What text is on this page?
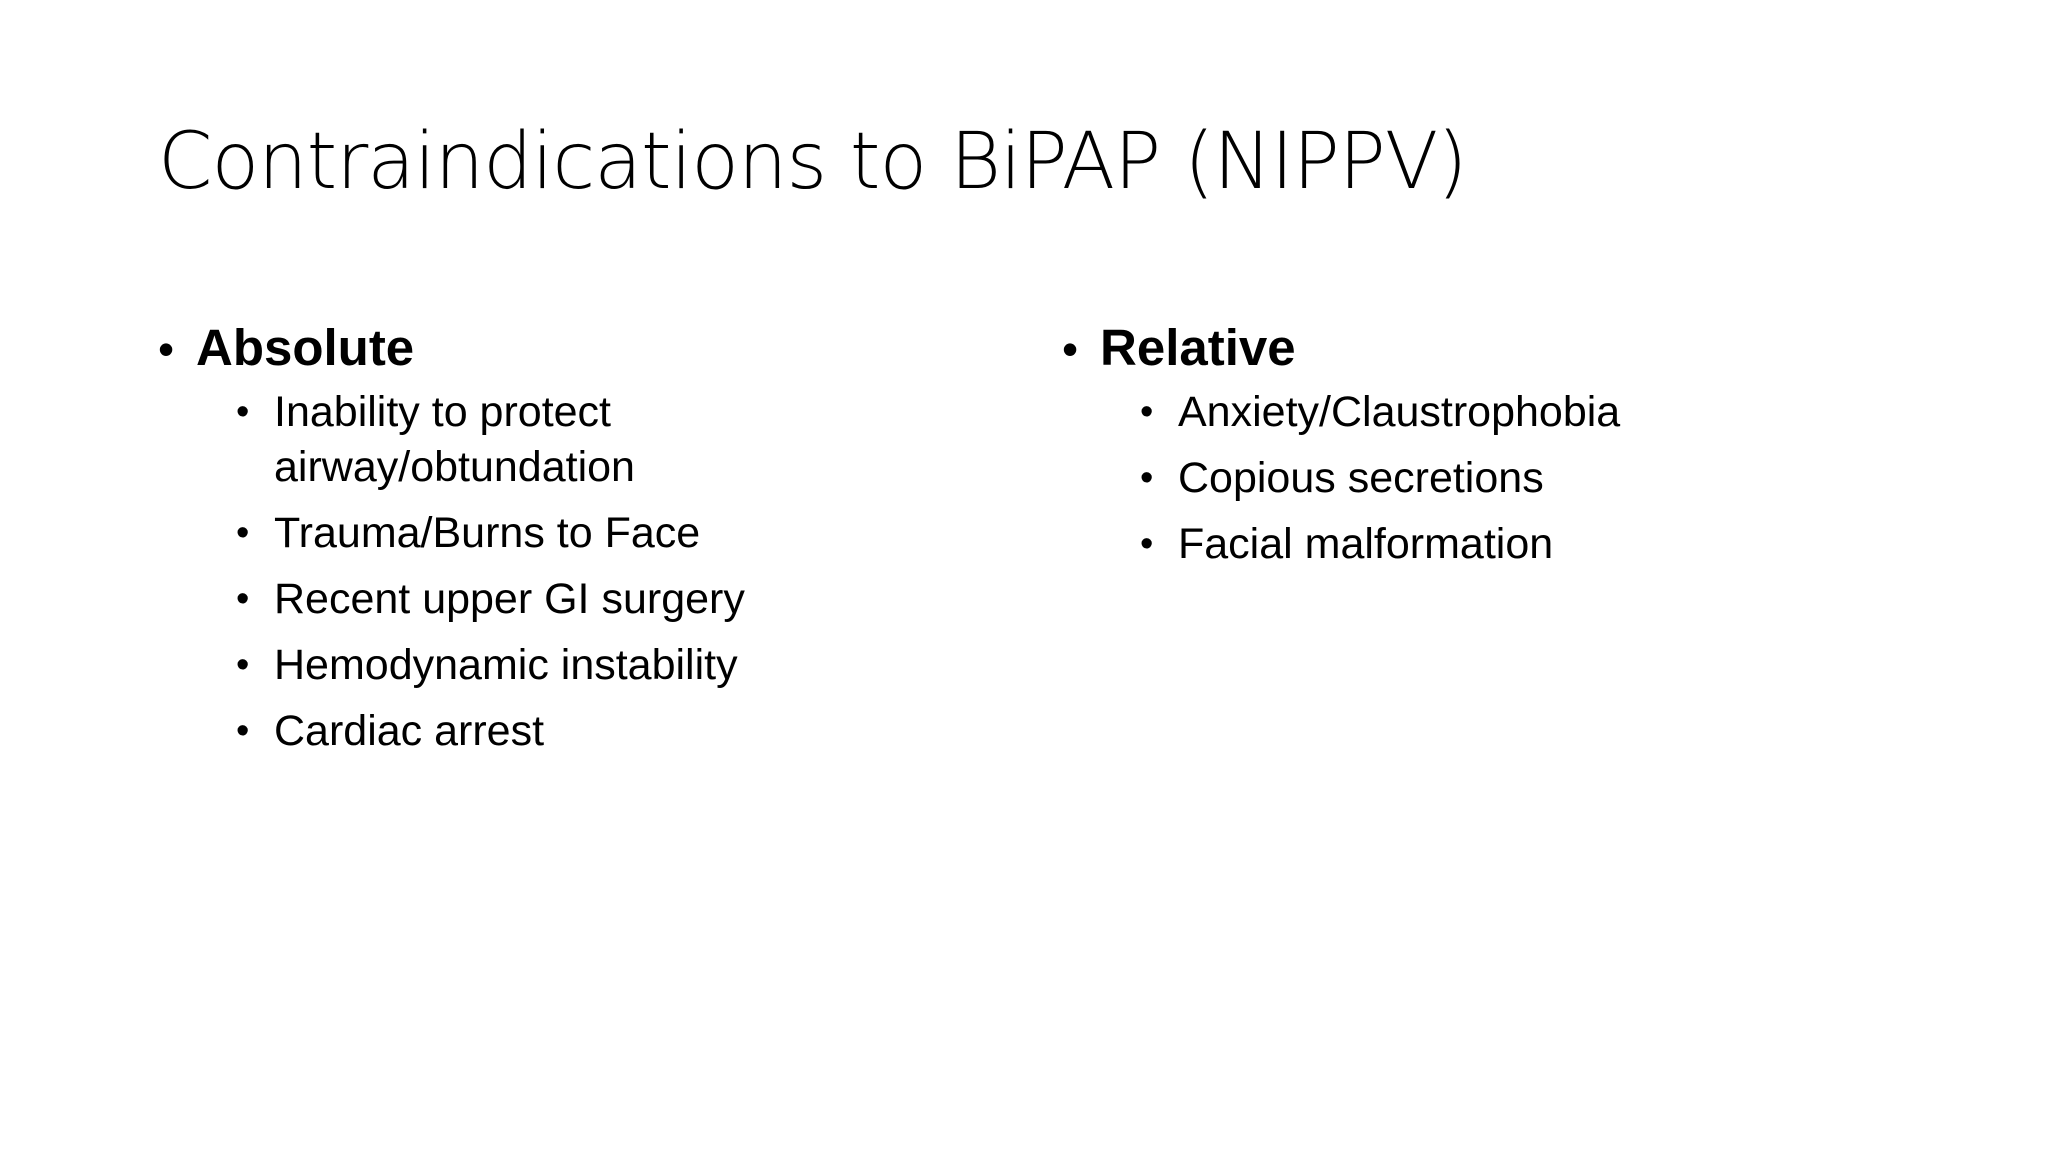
Contraindications to BiPAP (NIPPV)
• Absolute
• Inability to protect airway/obtundation
• Trauma/Burns to Face
• Recent upper GI surgery
• Hemodynamic instability
• Cardiac arrest
• Relative
• Anxiety/Claustrophobia
• Copious secretions
• Facial malformation
